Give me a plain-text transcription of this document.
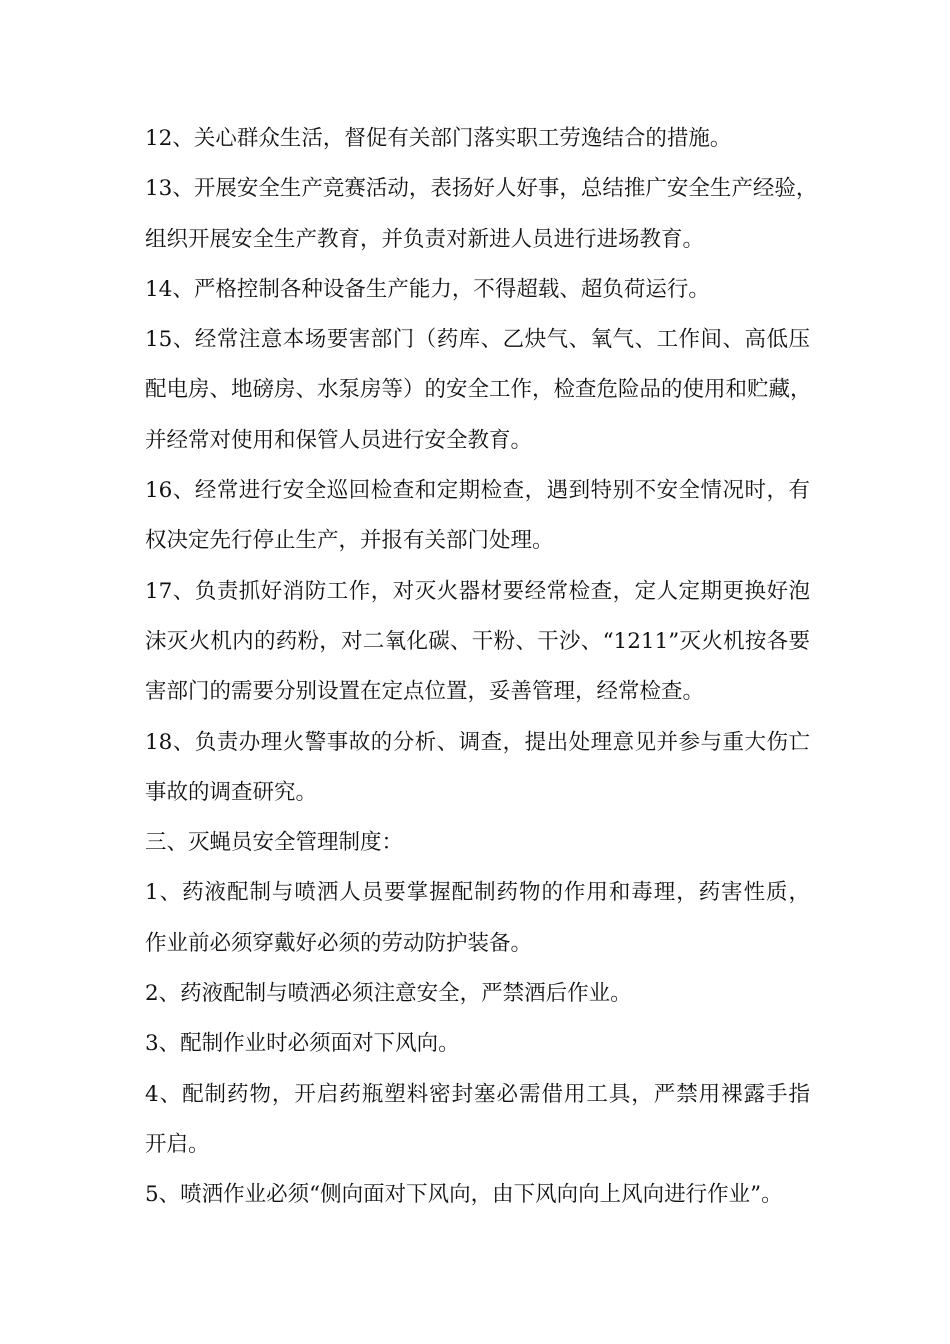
12、关心群众生活，督促有关部门落实职工劳逸结合的措施。
13、开展安全生产竞赛活动，表扬好人好事，总结推广安全生产经验，
组织开展安全生产教育，并负责对新进人员进行进场教育。
14、严格控制各种设备生产能力，不得超载、超负荷运行。
15、经常注意本场要害部门（药库、乙炔气、氧气、工作间、高低压
配电房、地磅房、水泵房等）的安全工作，检查危险品的使用和贮藏，
并经常对使用和保管人员进行安全教育。
16、经常进行安全巡回检查和定期检查，遇到特别不安全情况时，有
权决定先行停止生产，并报有关部门处理。
17、负责抓好消防工作，对灭火器材要经常检查，定人定期更换好泡
沫灭火机内的药粉，对二氧化碳、干粉、干沙、“1211”灭火机按各要
害部门的需要分别设置在定点位置，妥善管理，经常检查。
18、负责办理火警事故的分析、调查，提出处理意见并参与重大伤亡
事故的调查研究。
三、灭蝇员安全管理制度：
1、药液配制与喷洒人员要掌握配制药物的作用和毒理，药害性质，
作业前必须穿戴好必须的劳动防护装备。
2、药液配制与喷洒必须注意安全，严禁酒后作业。
3、配制作业时必须面对下风向。
4、配制药物，开启药瓶塑料密封塞必需借用工具，严禁用裸露手指
开启。
5、喷洒作业必须“侧向面对下风向，由下风向向上风向进行作业”。
